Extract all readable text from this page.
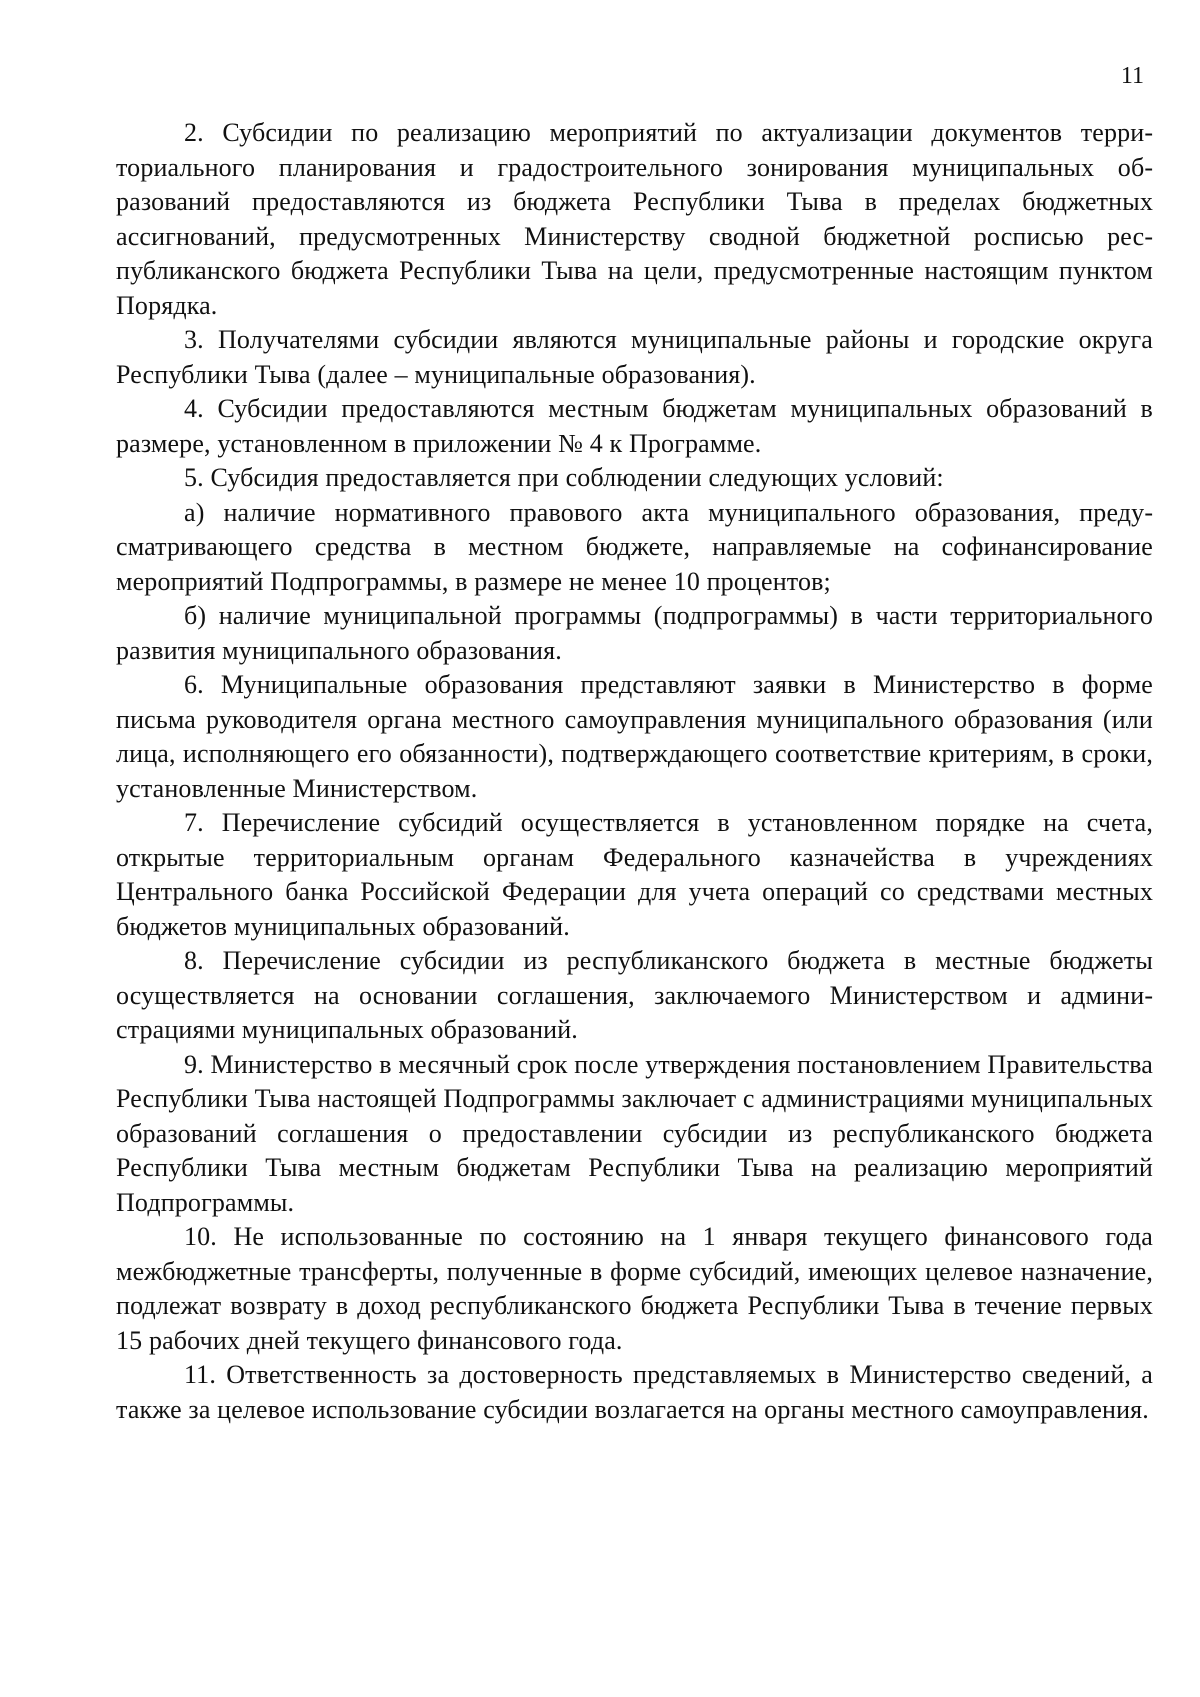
11

2. Субсидии по реализацию мероприятий по актуализации документов территориального планирования и градостроительного зонирования муниципальных образований предоставляются из бюджета Республики Тыва в пределах бюджетных ассигнований, предусмотренных Министерству сводной бюджетной росписью республиканского бюджета Республики Тыва на цели, предусмотренные настоящим пунктом Порядка.

3. Получателями субсидии являются муниципальные районы и городские округа Республики Тыва (далее – муниципальные образования).

4. Субсидии предоставляются местным бюджетам муниципальных образований в размере, установленном в приложении № 4 к Программе.

5. Субсидия предоставляется при соблюдении следующих условий:

а) наличие нормативного правового акта муниципального образования, предусматривающего средства в местном бюджете, направляемые на софинансирование мероприятий Подпрограммы, в размере не менее 10 процентов;

б) наличие муниципальной программы (подпрограммы) в части территориального развития муниципального образования.

6. Муниципальные образования представляют заявки в Министерство в форме письма руководителя органа местного самоуправления муниципального образования (или лица, исполняющего его обязанности), подтверждающего соответствие критериям, в сроки, установленные Министерством.

7. Перечисление субсидий осуществляется в установленном порядке на счета, открытые территориальным органам Федерального казначейства в учреждениях Центрального банка Российской Федерации для учета операций со средствами местных бюджетов муниципальных образований.

8. Перечисление субсидии из республиканского бюджета в местные бюджеты осуществляется на основании соглашения, заключаемого Министерством и администрациями муниципальных образований.

9. Министерство в месячный срок после утверждения постановлением Правительства Республики Тыва настоящей Подпрограммы заключает с администрациями муниципальных образований соглашения о предоставлении субсидии из республиканского бюджета Республики Тыва местным бюджетам Республики Тыва на реализацию мероприятий Подпрограммы.

10. Не использованные по состоянию на 1 января текущего финансового года межбюджетные трансферты, полученные в форме субсидий, имеющих целевое назначение, подлежат возврату в доход республиканского бюджета Республики Тыва в течение первых 15 рабочих дней текущего финансового года.

11. Ответственность за достоверность представляемых в Министерство сведений, а также за целевое использование субсидии возлагается на органы местного самоуправления.
